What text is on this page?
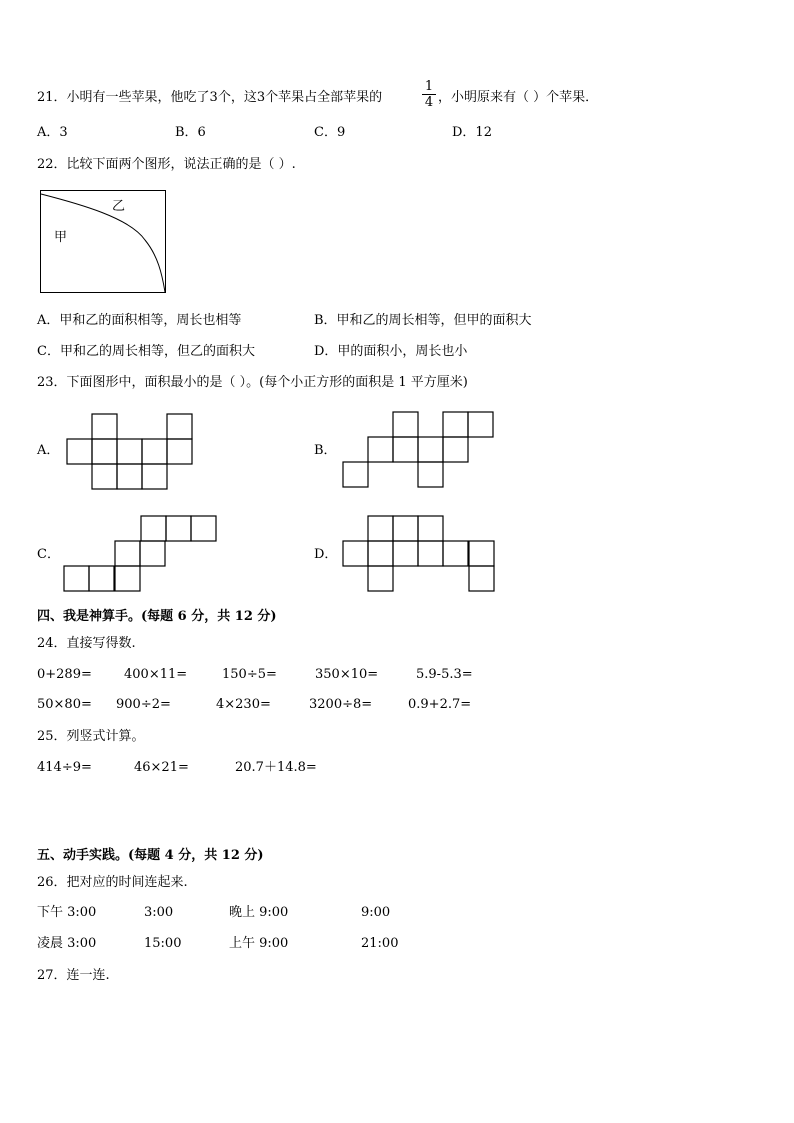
21．小明有一些苹果，他吃了3个，这3个苹果占全部苹果的
1
4 ，小明原来有（ ）个苹果．
A．3	B．6	C．9	D．12
22．比较下面两个图形，说法正确的是（ ）.
乙
甲
A．甲和乙的面积相等，周长也相等	B．甲和乙的周长相等，但甲的面积大
C．甲和乙的周长相等，但乙的面积大	D．甲的面积小，周长也小
23．下面图形中，面积最小的是（ ）。(每个小正方形的面积是 1 平方厘米)
A．	B．
C．	D．
四、我是神算手。(每题 6 分，共 12 分)
24．直接写得数.
0+289= 400×11=	150÷5=	350×10=	5.9-5.3=
50×80= 900÷2=	4×230=	3200÷8=	0.9+2.7=
25．列竖式计算。
414÷9=	46×21=	20.7＋14.8=
五、动手实践。(每题 4 分，共 12 分)
26．把对应的时间连起来.
下午 3:00	3:00	晚上 9:00	9:00
凌晨 3:00	15:00	上午 9:00	21:00
27．连一连.
